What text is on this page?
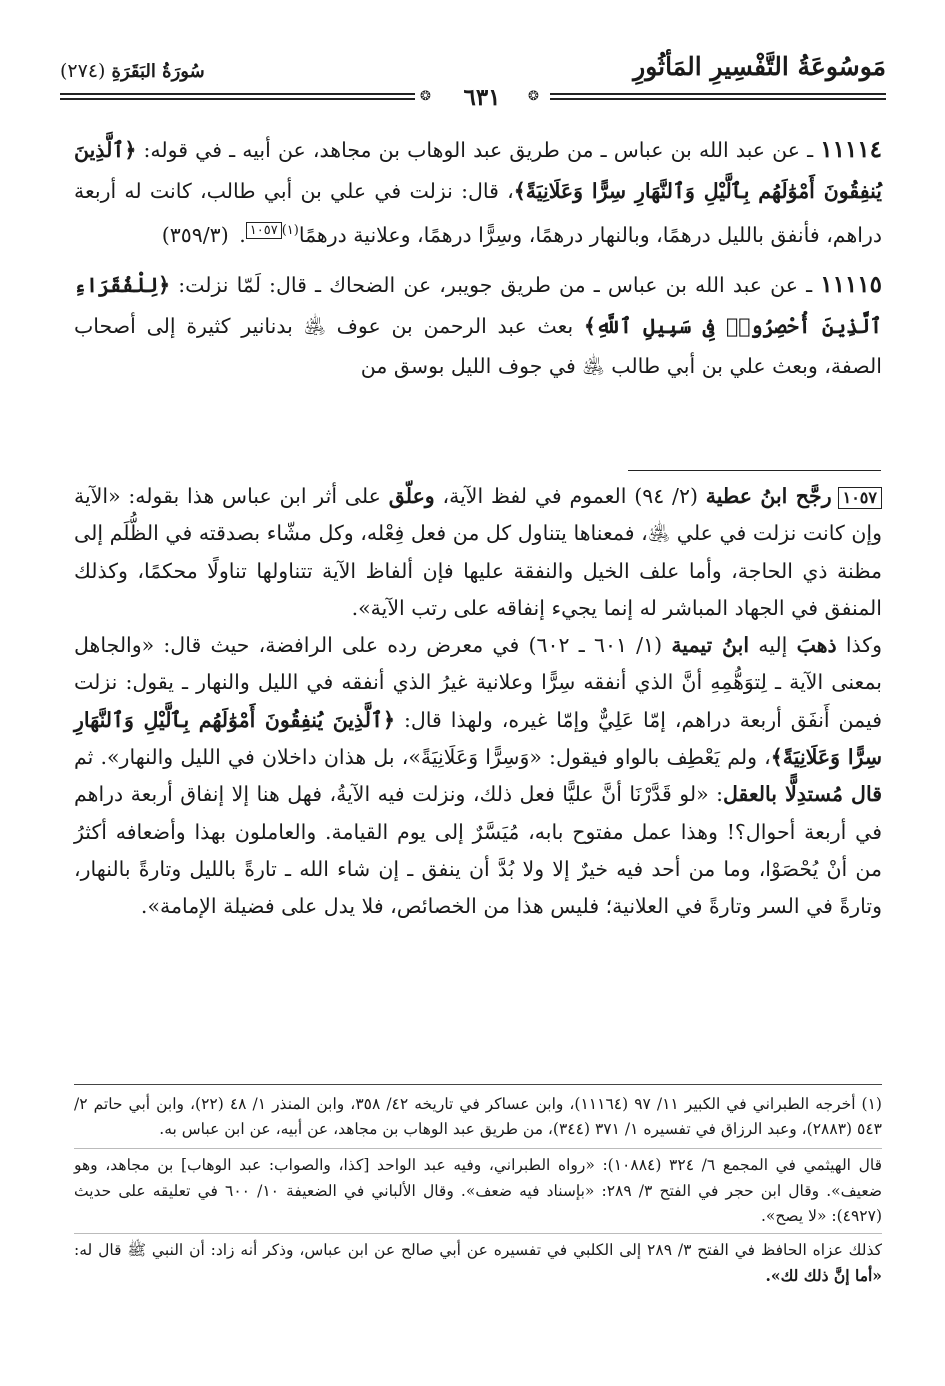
مَوسُوعَةُ التَّفْسِيرِ المَأثُورِ
سُورَةُ البَقَرَةِ (٢٧٤)
❂	❂
٦٣١

١١١١٤ ـ عن عبد الله بن عباس ـ من طريق عبد الوهاب بن مجاهد، عن أبيه ـ في قوله: ﴿ٱلَّذِينَ يُنفِقُونَ أَمْوَٰلَهُم بِٱلَّيْلِ وَٱلنَّهَارِ سِرًّا وَعَلَانِيَةً﴾، قال: نزلت في علي بن أبي طالب، كانت له أربعة دراهم، فأنفق بالليل درهمًا، وبالنهار درهمًا، وسِرًّا درهمًا، وعلانية درهمًا$^{(١)}$١٠٥٧. (٣٥٩/٣)

١١١١٥ ـ عن عبد الله بن عباس ـ من طريق جويبر، عن الضحاك ـ قال: لَمّا نزلت: ﴿لِلْفُقَرَاءِ ٱلَّذِينَ أُحْصِرُوا۟ فِى سَبِيلِ ٱللَّهِ﴾ بعث عبد الرحمن بن عوف ﵁ بدنانير كثيرة إلى أصحاب الصفة، وبعث علي بن أبي طالب ﵁ في جوف الليل بوسق من

١٠٥٧رجَّح ابنُ عطية (٢/ ٩٤) العموم في لفظ الآية، وعلّق على أثر ابن عباس هذا بقوله: «الآية وإن كانت نزلت في علي ﵁، فمعناها يتناول كل من فعل فِعْله، وكل مشّاء بصدقته في الظُّلَم إلى مظنة ذي الحاجة، وأما علف الخيل والنفقة عليها فإن ألفاظ الآية تتناولها تناولًا محكمًا، وكذلك المنفق في الجهاد المباشر له إنما يجيء إنفاقه على رتب الآية».

وكذا ذهبَ إليه ابنُ تيمية (١/ ٦٠١ ـ ٦٠٢) في معرض رده على الرافضة، حيث قال: «والجاهل بمعنى الآية ـ لِتوَهُّمِهِ أنَّ الذي أنفقه سِرًّا وعلانية غيرُ الذي أنفقه في الليل والنهار ـ يقول: نزلت فيمن أَنفَق أربعة دراهم، إمّا عَلِيٌّ وإمّا غيره، ولهذا قال: ﴿ٱلَّذِينَ يُنفِقُونَ أَمْوَٰلَهُم بِٱلَّيْلِ وَٱلنَّهَارِ سِرًّا وَعَلَانِيَةً﴾، ولم يَعْطِف بالواو فيقول: «وَسِرًّا وَعَلَانِيَةً»، بل هذان داخلان في الليل والنهار». ثم قال مُستدِلًّا بالعقل: «لو قَدَّرْنَا أنَّ عليًّا فعل ذلك، ونزلت فيه الآيةُ، فهل هنا إلا إنفاق أربعة دراهم في أربعة أحوال؟! وهذا عمل مفتوح بابه، مُيَسَّرٌ إلى يوم القيامة. والعاملون بهذا وأضعافه أكثرُ من أنْ يُحْصَوْا، وما من أحد فيه خيرٌ إلا ولا بُدَّ أن ينفق ـ إن شاء الله ـ تارةً بالليل وتارةً بالنهار، وتارةً في السر وتارةً في العلانية؛ فليس هذا من الخصائص، فلا يدل على فضيلة الإمامة».

(١) أخرجه الطبراني في الكبير ١١/ ٩٧ (١١١٦٤)، وابن عساكر في تاريخه ٤٢/ ٣٥٨، وابن المنذر ١/ ٤٨ (٢٢)، وابن أبي حاتم ٢/ ٥٤٣ (٢٨٨٣)، وعبد الرزاق في تفسيره ١/ ٣٧١ (٣٤٤)، من طريق عبد الوهاب بن مجاهد، عن أبيه، عن ابن عباس به.

قال الهيثمي في المجمع ٦/ ٣٢٤ (١٠٨٨٤): «رواه الطبراني، وفيه عبد الواحد [كذا، والصواب: عبد الوهاب] بن مجاهد، وهو ضعيف». وقال ابن حجر في الفتح ٣/ ٢٨٩: «بإسناد فيه ضعف». وقال الألباني في الضعيفة ١٠/ ٦٠٠ في تعليقه على حديث (٤٩٢٧): «لا يصح».

كذلك عزاه الحافظ في الفتح ٣/ ٢٨٩ إلى الكلبي في تفسيره عن أبي صالح عن ابن عباس، وذكر أنه زاد: أن النبي ﷺ قال له: «أما إنَّ ذلك لك».
